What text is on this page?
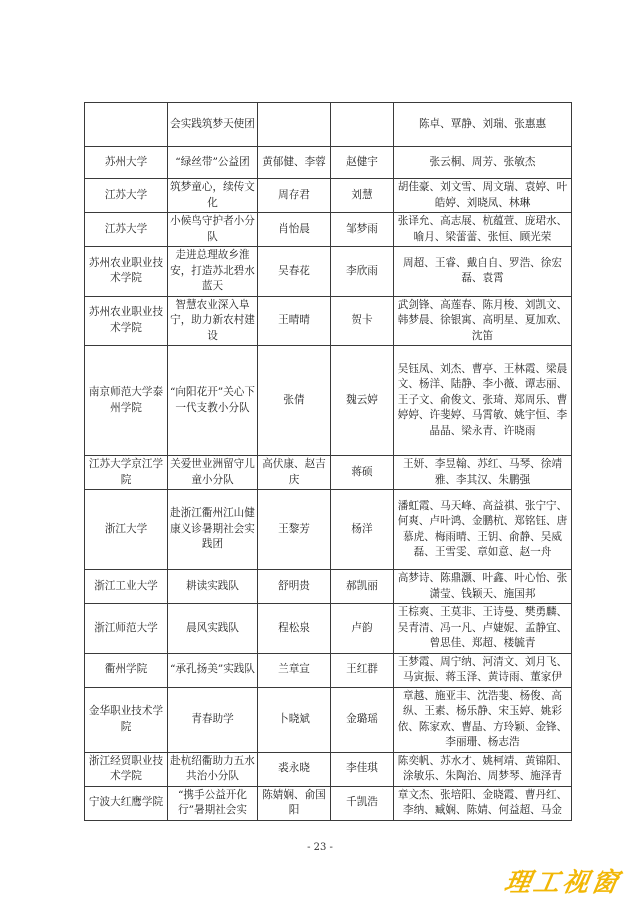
	会实践筑梦天使团			陈卓、覃静、刘瑞、张惠惠
苏州大学	“绿丝带”公益团	黄郁健、李蓉	赵健宇	张云桐、周芳、张敏杰
江苏大学	筑梦童心，续传文化	周存君	刘慧	胡佳豪、刘文雪、周文瑞、袁婷、叶皓婷、刘晓凤、林琳
江苏大学	小候鸟守护者小分队	肖怡晨	邹梦雨	张译允、高志展、杭蕴萱、庞珺水、喻月、梁蕾蕾、张恒、顾光荣
苏州农业职业技术学院	走进总理故乡淮安，打造苏北碧水蓝天	吴春花	李欣雨	周超、王睿、戴自自、罗浩、徐宏磊、袁霄
苏州农业职业技术学院	智慧农业深入阜宁，助力新农村建设	王晴晴	贺卡	武剑锋、高莲春、陈月梭、刘凯文、韩梦晨、徐银寓、高明星、夏加欢、沈笛
南京师范大学泰州学院	“向阳花开”关心下一代支教小分队	张倩	魏云婷	吴钰凤、刘杰、曹亭、王林霞、梁晨文、杨洋、陆静、李小薇、谭志丽、王子文、俞俊文、张琦、郑周乐、曹婷婷、许斐婷、马霄敏、姚宇恒、李晶晶、梁永青、许晓雨
江苏大学京江学院	关爱世业洲留守儿童小分队	高伏康、赵吉庆	蒋硕	王妍、李昱翰、苏红、马琴、徐靖雅、李其汉、朱鹏强
浙江大学	赴浙江衢州江山健康义诊暑期社会实践团	王黎芳	杨洋	潘虹霞、马天峰、高益祺、张宁宁、何爽、卢叶鸿、金鹏杭、郑铭钰、唐慕虎、梅雨晴、王钥、俞静、吴威磊、王雪雯、章如意、赵一舟
浙江工业大学	耕读实践队	舒明贵	郝凯丽	高梦诗、陈鼎灏、叶鑫、叶心怡、张潇莹、钱颖天、施国邦
浙江师范大学	晨风实践队	程松泉	卢韵	王棕爽、王莫非、王诗曼、樊勇麟、吴青清、冯一凡、卢婕妮、孟静宜、曾思佳、郑超、楼毓青
衢州学院	“承孔扬美”实践队	兰章宣	王红群	王梦霞、周宁纳、河清文、刘月飞、马寅振、蒋玉泽、黄诗雨、董家伊
金华职业技术学院	青春助学	卜晓斌	金璐瑶	章越、施亚丰、沈浩斐、杨俊、高纵、王素、杨乐静、宋玉婷、姚彩依、陈家欢、曹晶、方玲颖、金锋、李丽珊、杨志浩
浙江经贸职业技术学院	赴杭绍衢助力五水共治小分队	裘永晓	李佳琪	陈奕帆、苏水才、姚柯靖、黄锦阳、涂敏乐、朱陶治、周梦琴、施泽青
宁波大红鹰学院	“携手公益开化行”暑期社会实	陈婧娴、俞国阳	千凯浩	章文杰、张培阳、金晓霞、曹丹红、李纳、臧娴、陈婧、何益超、马金
- 23 -
理工视窗
